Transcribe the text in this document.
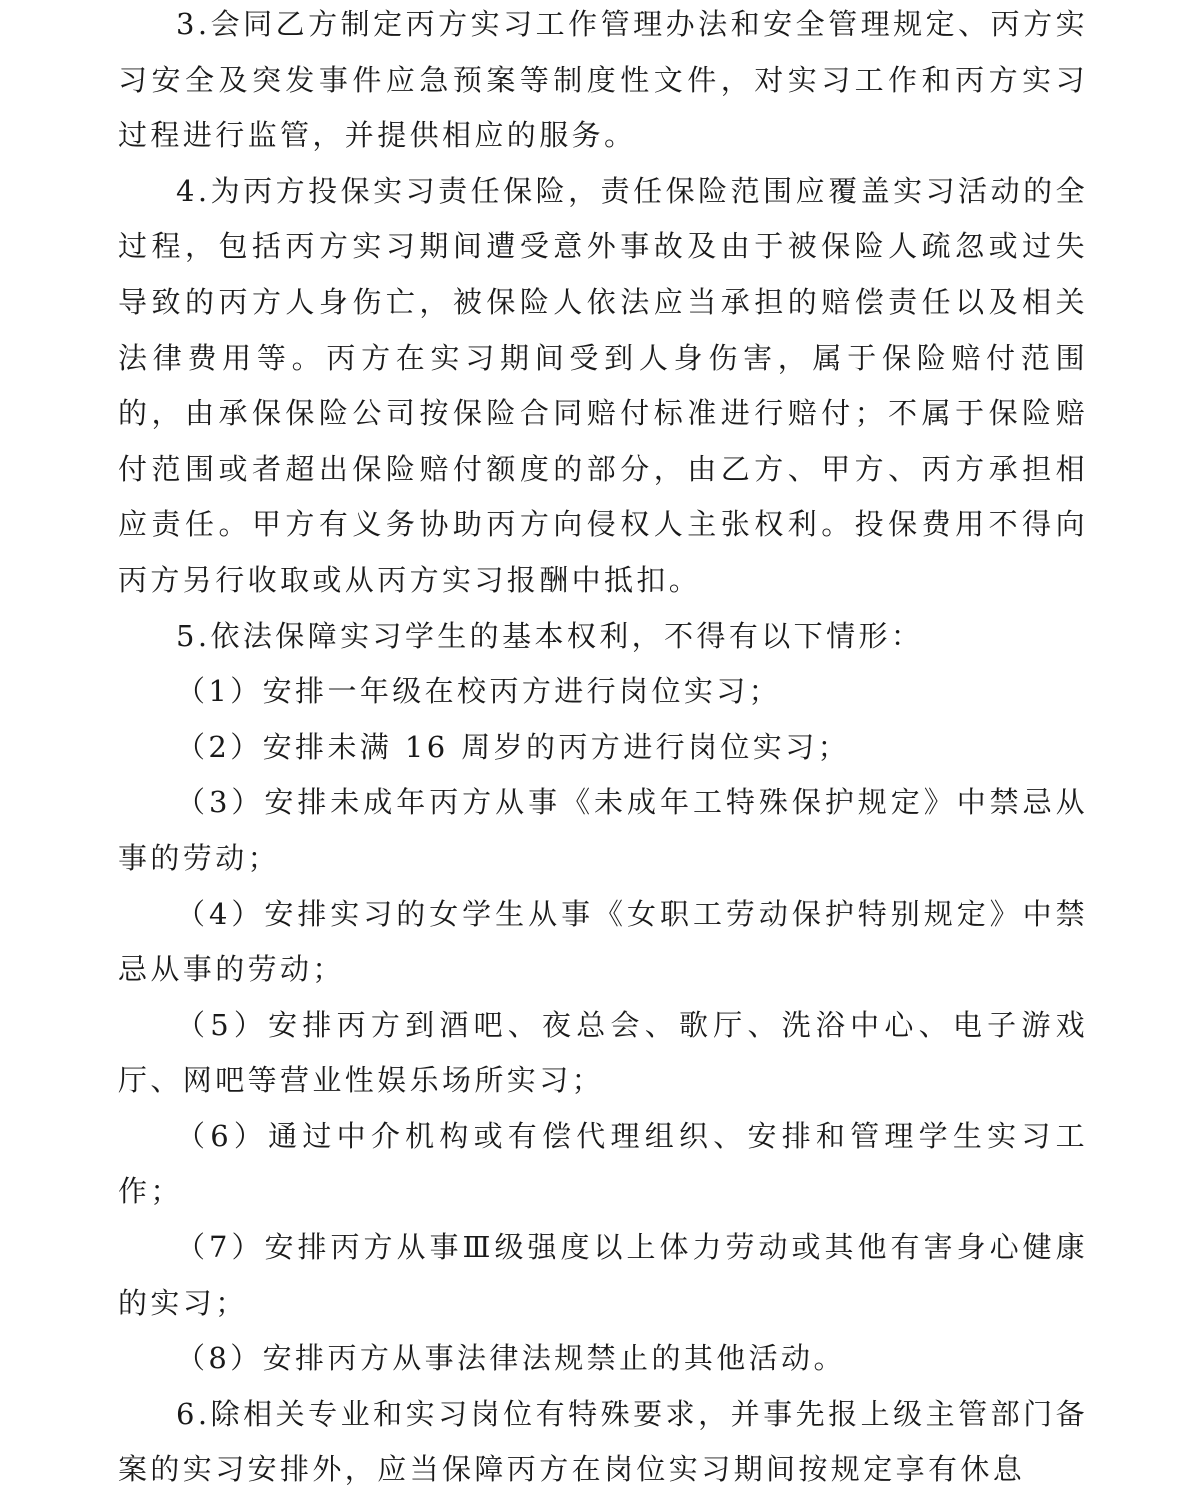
3.会同乙方制定丙方实习工作管理办法和安全管理规定、丙方实习安全及突发事件应急预案等制度性文件，对实习工作和丙方实习过程进行监管，并提供相应的服务。

4.为丙方投保实习责任保险，责任保险范围应覆盖实习活动的全过程，包括丙方实习期间遭受意外事故及由于被保险人疏忽或过失导致的丙方人身伤亡，被保险人依法应当承担的赔偿责任以及相关法律费用等。丙方在实习期间受到人身伤害，属于保险赔付范围的，由承保保险公司按保险合同赔付标准进行赔付；不属于保险赔付范围或者超出保险赔付额度的部分，由乙方、甲方、丙方承担相应责任。甲方有义务协助丙方向侵权人主张权利。投保费用不得向丙方另行收取或从丙方实习报酬中抵扣。

5.依法保障实习学生的基本权利，不得有以下情形：

（1）安排一年级在校丙方进行岗位实习；

（2）安排未满 16 周岁的丙方进行岗位实习；

（3）安排未成年丙方从事《未成年工特殊保护规定》中禁忌从事的劳动；

（4）安排实习的女学生从事《女职工劳动保护特别规定》中禁忌从事的劳动；

（5）安排丙方到酒吧、夜总会、歌厅、洗浴中心、电子游戏厅、网吧等营业性娱乐场所实习；

（6）通过中介机构或有偿代理组织、安排和管理学生实习工作；

（7）安排丙方从事Ⅲ级强度以上体力劳动或其他有害身心健康的实习；

（8）安排丙方从事法律法规禁止的其他活动。

6.除相关专业和实习岗位有特殊要求，并事先报上级主管部门备案的实习安排外，应当保障丙方在岗位实习期间按规定享有休息
